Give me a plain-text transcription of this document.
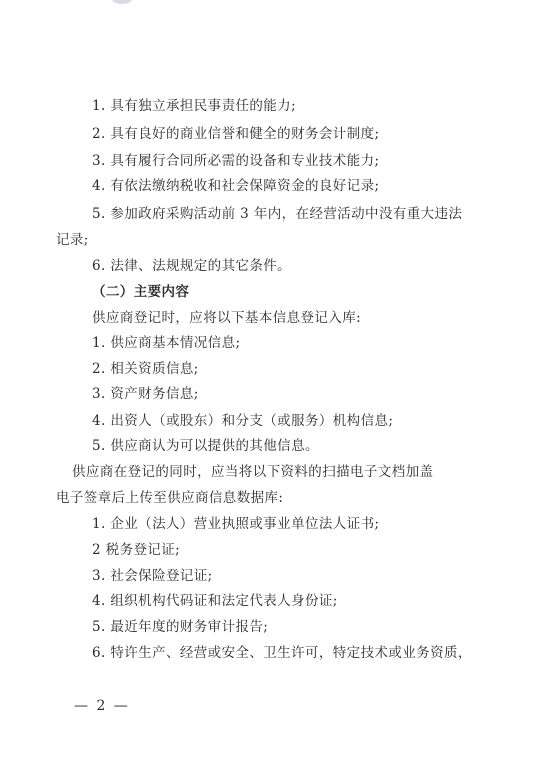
1. 具有独立承担民事责任的能力;
2. 具有良好的商业信誉和健全的财务会计制度;
3. 具有履行合同所必需的设备和专业技术能力;
4. 有依法缴纳税收和社会保障资金的良好记录;
5. 参加政府采购活动前 3 年内，在经营活动中没有重大违法
记录;
6. 法律、法规规定的其它条件。
（二）主要内容
供应商登记时，应将以下基本信息登记入库:
1. 供应商基本情况信息;
2. 相关资质信息;
3. 资产财务信息;
4. 出资人（或股东）和分支（或服务）机构信息;
5. 供应商认为可以提供的其他信息。
供应商在登记的同时，应当将以下资料的扫描电子文档加盖
电子签章后上传至供应商信息数据库:
1. 企业（法人）营业执照或事业单位法人证书;
2 税务登记证;
3. 社会保险登记证;
4. 组织机构代码证和法定代表人身份证;
5. 最近年度的财务审计报告;
6. 特许生产、经营或安全、卫生许可，特定技术或业务资质，
— 2 —
